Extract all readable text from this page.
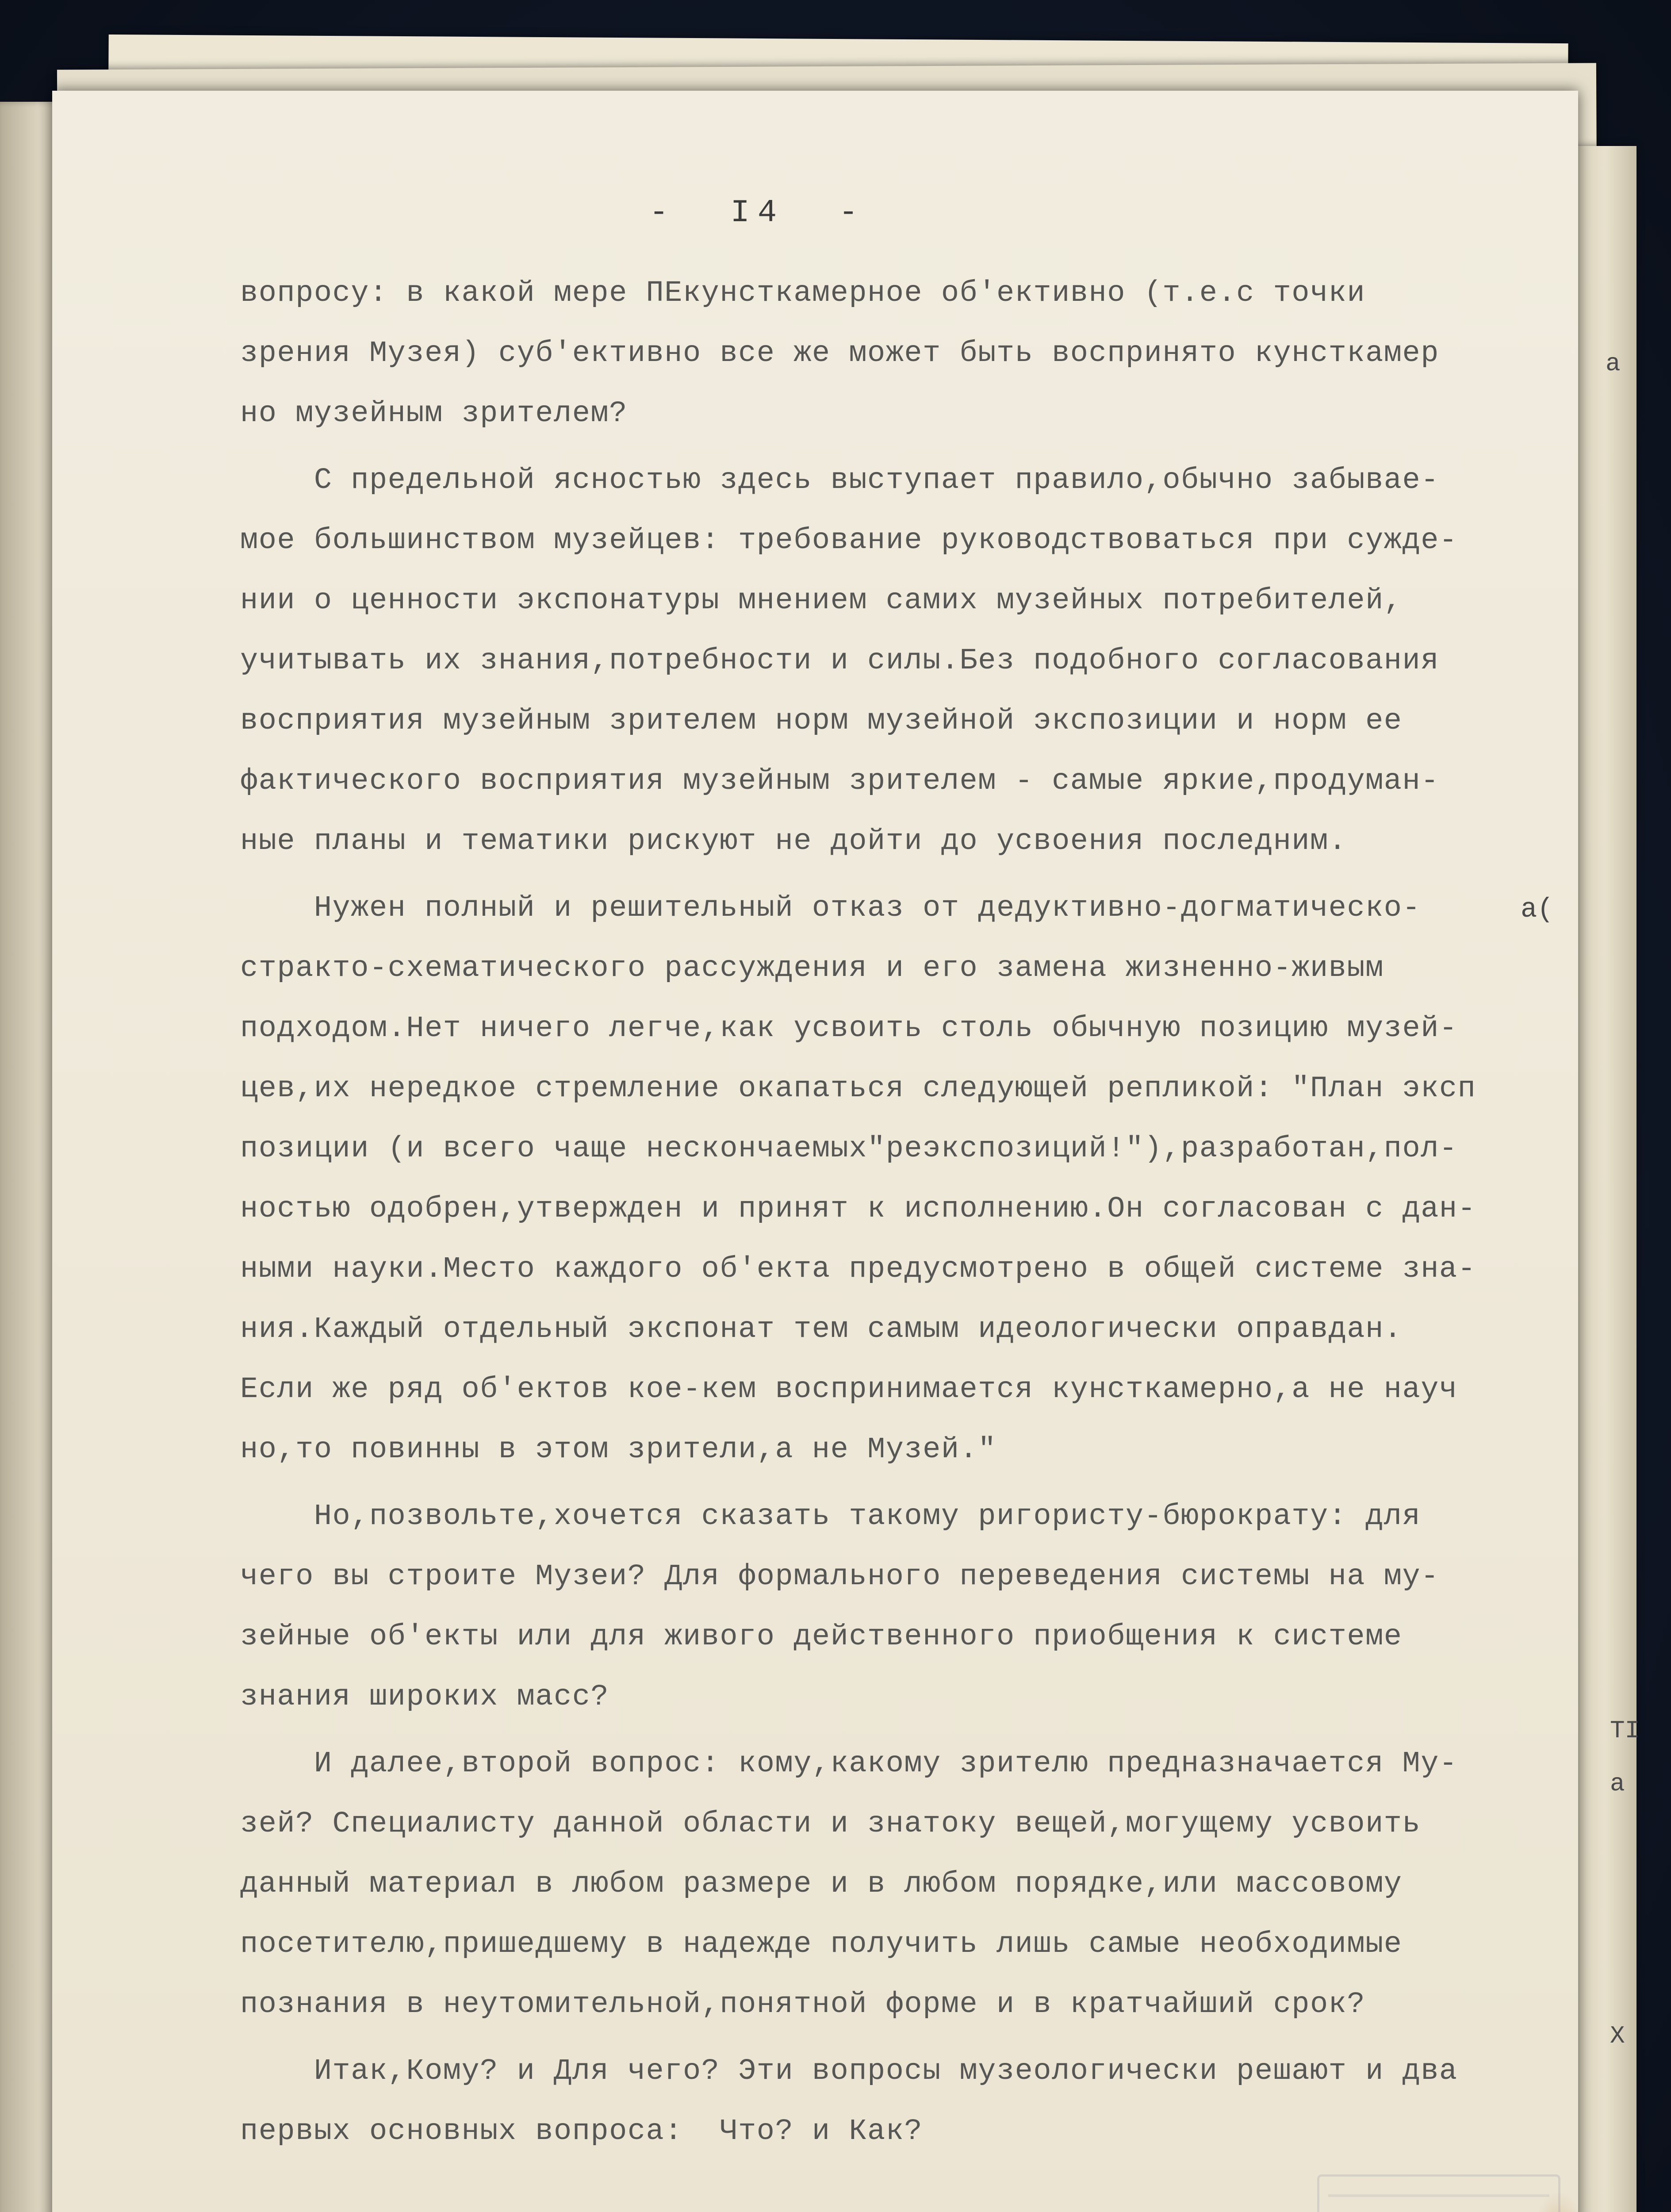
-  I4  -
вопросу: в какой мере ПЕкунсткамерное об'ективно (т.е.с точки
зрения Музея) суб'ективно все же может быть воспринято кунсткамер
но музейным зрителем?
С предельной ясностью здесь выступает правило,обычно забывае-
мое большинством музейцев: требование руководствоваться при сужде-
нии о ценности экспонатуры мнением самих музейных потребителей,
учитывать их знания,потребности и силы.Без подобного согласования
восприятия музейным зрителем норм музейной экспозиции и норм ее
фактического восприятия музейным зрителем - самые яркие,продуман-
ные планы и тематики рискуют не дойти до усвоения последним.
Нужен полный и решительный отказ от дедуктивно-догматическо-
стракто-схематического рассуждения и его замена жизненно-живым
подходом.Нет ничего легче,как усвоить столь обычную позицию музей-
цев,их нередкое стремление окапаться следующей репликой: "План эксп
позиции (и всего чаще нескончаемых"реэкспозиций!"),разработан,пол-
ностью одобрен,утвержден и принят к исполнению.Он согласован с дан-
ными науки.Место каждого об'екта предусмотрено в общей системе зна-
ния.Каждый отдельный экспонат тем самым идеологически оправдан.
Если же ряд об'ектов кое-кем воспринимается кунсткамерно,а не науч
но,то повинны в этом зрители,а не Музей."
Но,позвольте,хочется сказать такому ригористу-бюрократу: для
чего вы строите Музеи? Для формального переведения системы на му-
зейные об'екты или для живого действенного приобщения к системе
знания широких масс?
И далее,второй вопрос: кому,какому зрителю предназначается Му-
зей? Специалисту данной области и знатоку вещей,могущему усвоить
данный материал в любом размере и в любом порядке,или массовому
посетителю,пришедшему в надежде получить лишь самые необходимые
познания в неутомительной,понятной форме и в кратчайший срок?
Итак,Кому? и Для чего? Эти вопросы музеологически решают и два
первых основных вопроса:  Что? и Как?
а(
а
ТІ
а
Х
